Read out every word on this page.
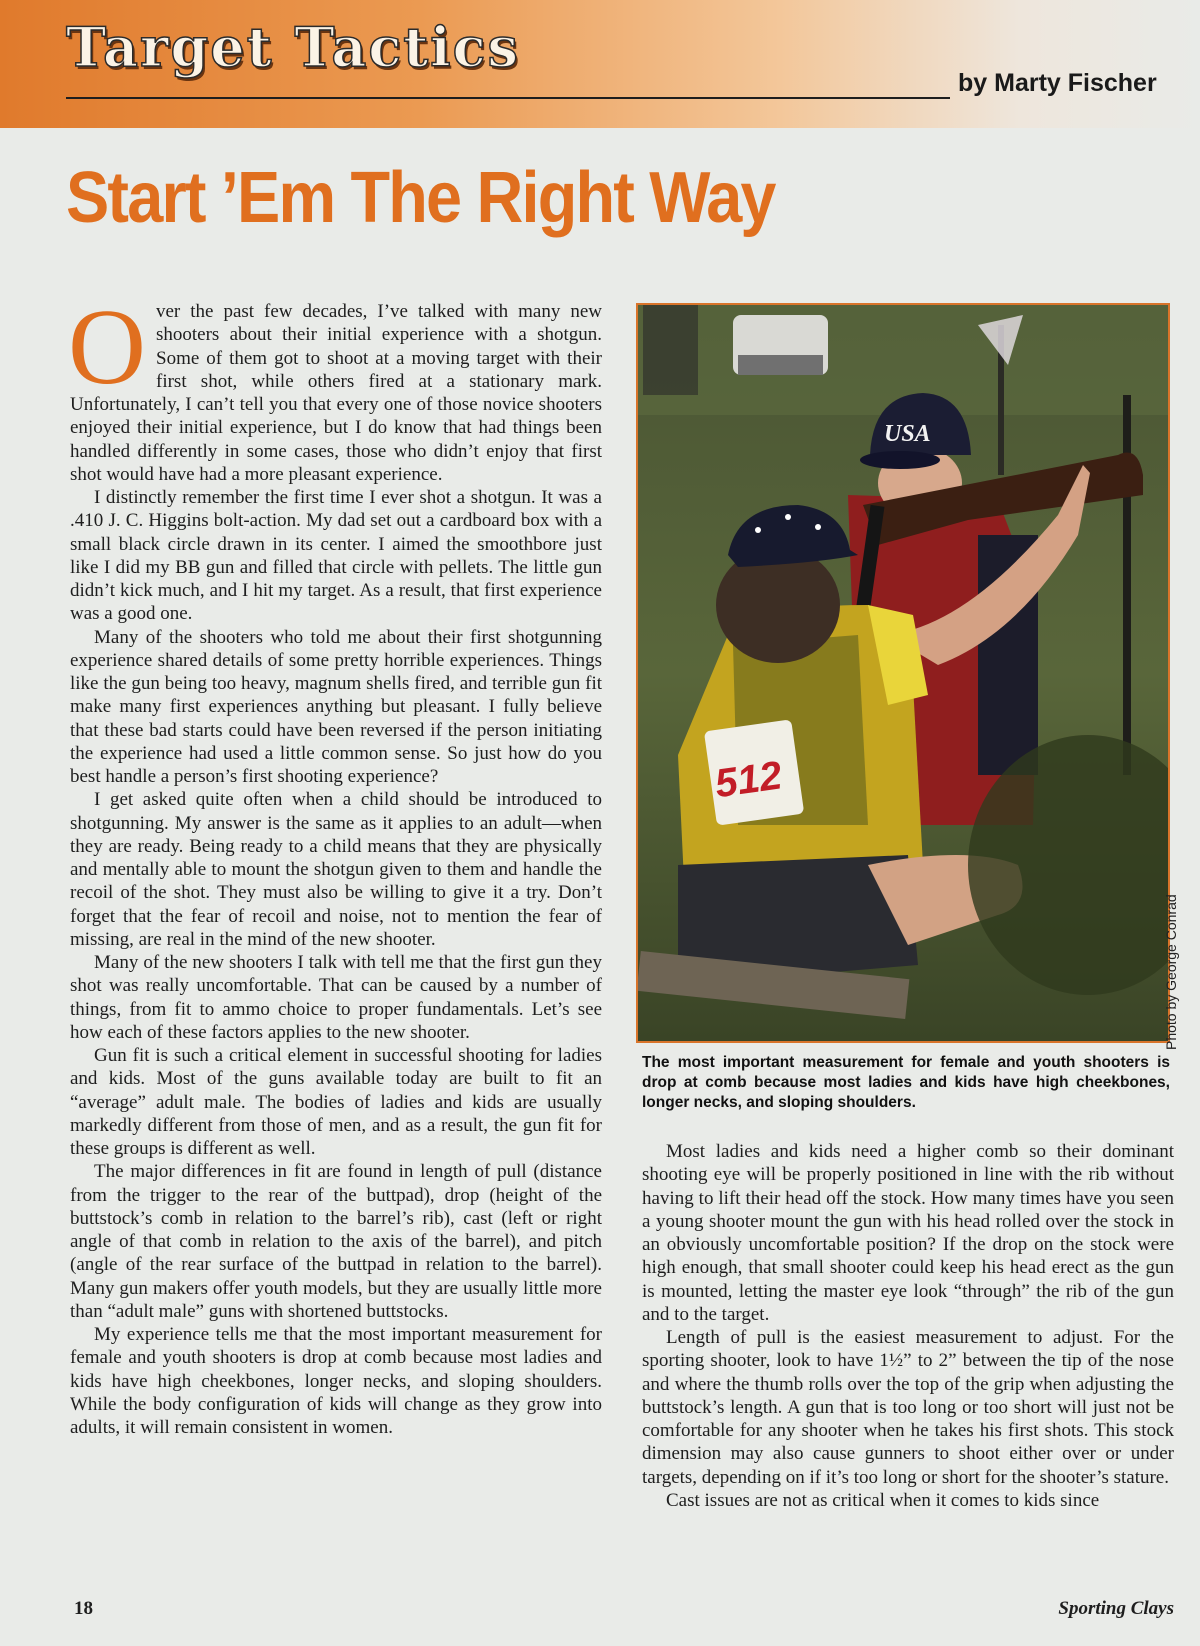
Target Tactics
by Marty Fischer
Start ’Em The Right Way

Over the past few decades, I’ve talked with many new shooters about their initial experience with a shotgun. Some of them got to shoot at a moving target with their first shot, while others fired at a stationary mark. Unfortunately, I can’t tell you that every one of those novice shooters enjoyed their initial experience, but I do know that had things been handled differently in some cases, those who didn’t enjoy that first shot would have had a more pleasant experience.

I distinctly remember the first time I ever shot a shotgun. It was a .410 J. C. Higgins bolt-action. My dad set out a cardboard box with a small black circle drawn in its center. I aimed the smoothbore just like I did my BB gun and filled that circle with pellets. The little gun didn’t kick much, and I hit my target. As a result, that first experience was a good one.

Many of the shooters who told me about their first shotgunning experience shared details of some pretty horrible experiences. Things like the gun being too heavy, magnum shells fired, and terrible gun fit make many first experiences anything but pleasant. I fully believe that these bad starts could have been reversed if the person initiating the experience had used a little common sense. So just how do you best handle a person’s first shooting experience?

I get asked quite often when a child should be introduced to shotgunning. My answer is the same as it applies to an adult—when they are ready. Being ready to a child means that they are physically and mentally able to mount the shotgun given to them and handle the recoil of the shot. They must also be willing to give it a try. Don’t forget that the fear of recoil and noise, not to mention the fear of missing, are real in the mind of the new shooter.

Many of the new shooters I talk with tell me that the first gun they shot was really uncomfortable. That can be caused by a number of things, from fit to ammo choice to proper fundamentals. Let’s see how each of these factors applies to the new shooter.

Gun fit is such a critical element in successful shooting for ladies and kids. Most of the guns available today are built to fit an “average” adult male. The bodies of ladies and kids are usually markedly different from those of men, and as a result, the gun fit for these groups is different as well.

The major differences in fit are found in length of pull (distance from the trigger to the rear of the buttpad), drop (height of the buttstock’s comb in relation to the barrel’s rib), cast (left or right angle of that comb in relation to the axis of the barrel), and pitch (angle of the rear surface of the buttpad in relation to the barrel). Many gun makers offer youth models, but they are usually little more than “adult male” guns with shortened buttstocks.

My experience tells me that the most important measurement for female and youth shooters is drop at comb because most ladies and kids have high cheekbones, longer necks, and sloping shoulders. While the body configuration of kids will change as they grow into adults, it will remain consistent in women.

USA
512
Photo by George Conrad
The most important measurement for female and youth shooters is drop at comb because most ladies and kids have high cheekbones, longer necks, and sloping shoulders.

Most ladies and kids need a higher comb so their dominant shooting eye will be properly positioned in line with the rib without having to lift their head off the stock. How many times have you seen a young shooter mount the gun with his head rolled over the stock in an obviously uncomfortable position? If the drop on the stock were high enough, that small shooter could keep his head erect as the gun is mounted, letting the master eye look “through” the rib of the gun and to the target.

Length of pull is the easiest measurement to adjust. For the sporting shooter, look to have 1½” to 2” between the tip of the nose and where the thumb rolls over the top of the grip when adjusting the buttstock’s length. A gun that is too long or too short will just not be comfortable for any shooter when he takes his first shots. This stock dimension may also cause gunners to shoot either over or under targets, depending on if it’s too long or short for the shooter’s stature.

Cast issues are not as critical when it comes to kids since

18	Sporting Clays
